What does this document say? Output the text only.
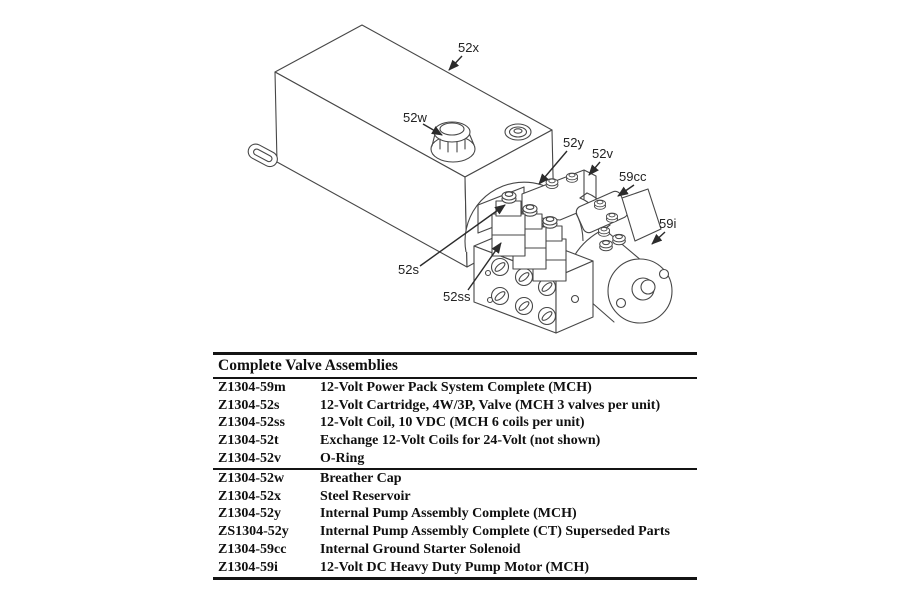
52x
52w
52y
52v
59cc
59i
52s
52ss
Complete Valve Assemblies
Z1304-59m	12-Volt Power Pack System Complete (MCH)
Z1304-52s	12-Volt Cartridge, 4W/3P, Valve (MCH 3 valves per unit)
Z1304-52ss	12-Volt Coil, 10 VDC (MCH 6 coils per unit)
Z1304-52t	Exchange 12-Volt Coils for 24-Volt (not shown)
Z1304-52v	O-Ring
Z1304-52w	Breather Cap
Z1304-52x	Steel Reservoir
Z1304-52y	Internal Pump Assembly Complete (MCH)
ZS1304-52y	Internal Pump Assembly Complete (CT) Superseded Parts
Z1304-59cc	Internal Ground Starter Solenoid
Z1304-59i	12-Volt DC Heavy Duty Pump Motor (MCH)
